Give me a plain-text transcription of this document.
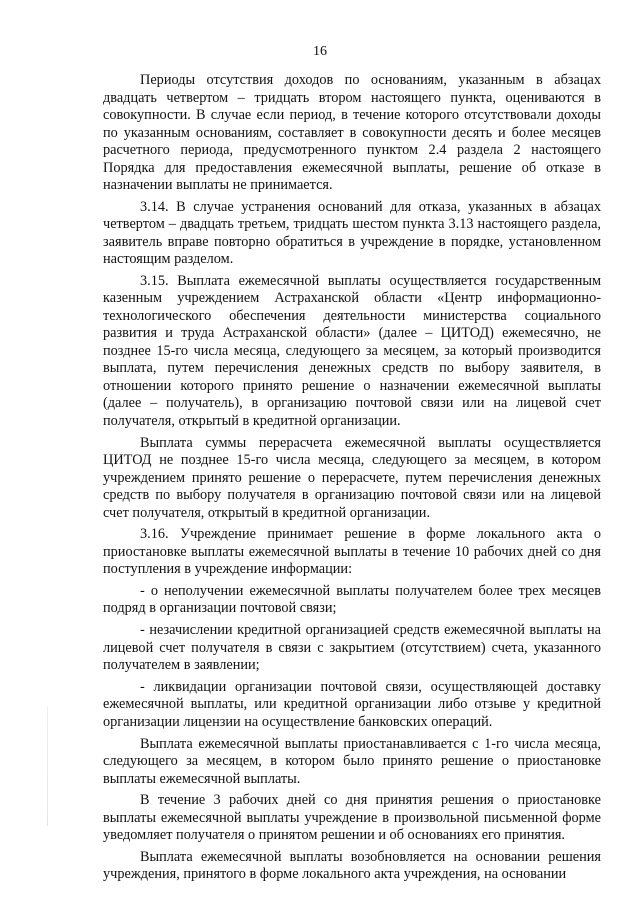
16

Периоды отсутствия доходов по основаниям, указанным в абзацах двадцать четвертом – тридцать втором настоящего пункта, оцениваются в совокупности. В случае если период, в течение которого отсутствовали доходы по указанным основаниям, составляет в совокупности десять и более месяцев расчетного периода, предусмотренного пунктом 2.4 раздела 2 настоящего Порядка для предоставления ежемесячной выплаты, решение об отказе в назначении выплаты не принимается.

3.14. В случае устранения оснований для отказа, указанных в абзацах четвертом – двадцать третьем, тридцать шестом пункта 3.13 настоящего раздела, заявитель вправе повторно обратиться в учреждение в порядке, установленном настоящим разделом.

3.15. Выплата ежемесячной выплаты осуществляется государственным казенным учреждением Астраханской области «Центр информационно-технологического обеспечения деятельности министерства социального развития и труда Астраханской области» (далее – ЦИТОД) ежемесячно, не позднее 15-го числа месяца, следующего за месяцем, за который производится выплата, путем перечисления денежных средств по выбору заявителя, в отношении которого принято решение о назначении ежемесячной выплаты (далее – получатель), в организацию почтовой связи или на лицевой счет получателя, открытый в кредитной организации.

Выплата суммы перерасчета ежемесячной выплаты осуществляется ЦИТОД не позднее 15-го числа месяца, следующего за месяцем, в котором учреждением принято решение о перерасчете, путем перечисления денежных средств по выбору получателя в организацию почтовой связи или на лицевой счет получателя, открытый в кредитной организации.

3.16. Учреждение принимает решение в форме локального акта о приостановке выплаты ежемесячной выплаты в течение 10 рабочих дней со дня поступления в учреждение информации:

- о неполучении ежемесячной выплаты получателем более трех месяцев подряд в организации почтовой связи;

- незачислении кредитной организацией средств ежемесячной выплаты на лицевой счет получателя в связи с закрытием (отсутствием) счета, указанного получателем в заявлении;

- ликвидации организации почтовой связи, осуществляющей доставку ежемесячной выплаты, или кредитной организации либо отзыве у кредитной организации лицензии на осуществление банковских операций.

Выплата ежемесячной выплаты приостанавливается с 1-го числа месяца, следующего за месяцем, в котором было принято решение о приостановке выплаты ежемесячной выплаты.

В течение 3 рабочих дней со дня принятия решения о приостановке выплаты ежемесячной выплаты учреждение в произвольной письменной форме уведомляет получателя о принятом решении и об основаниях его принятия.

Выплата ежемесячной выплаты возобновляется на основании решения учреждения, принятого в форме локального акта учреждения, на основании
